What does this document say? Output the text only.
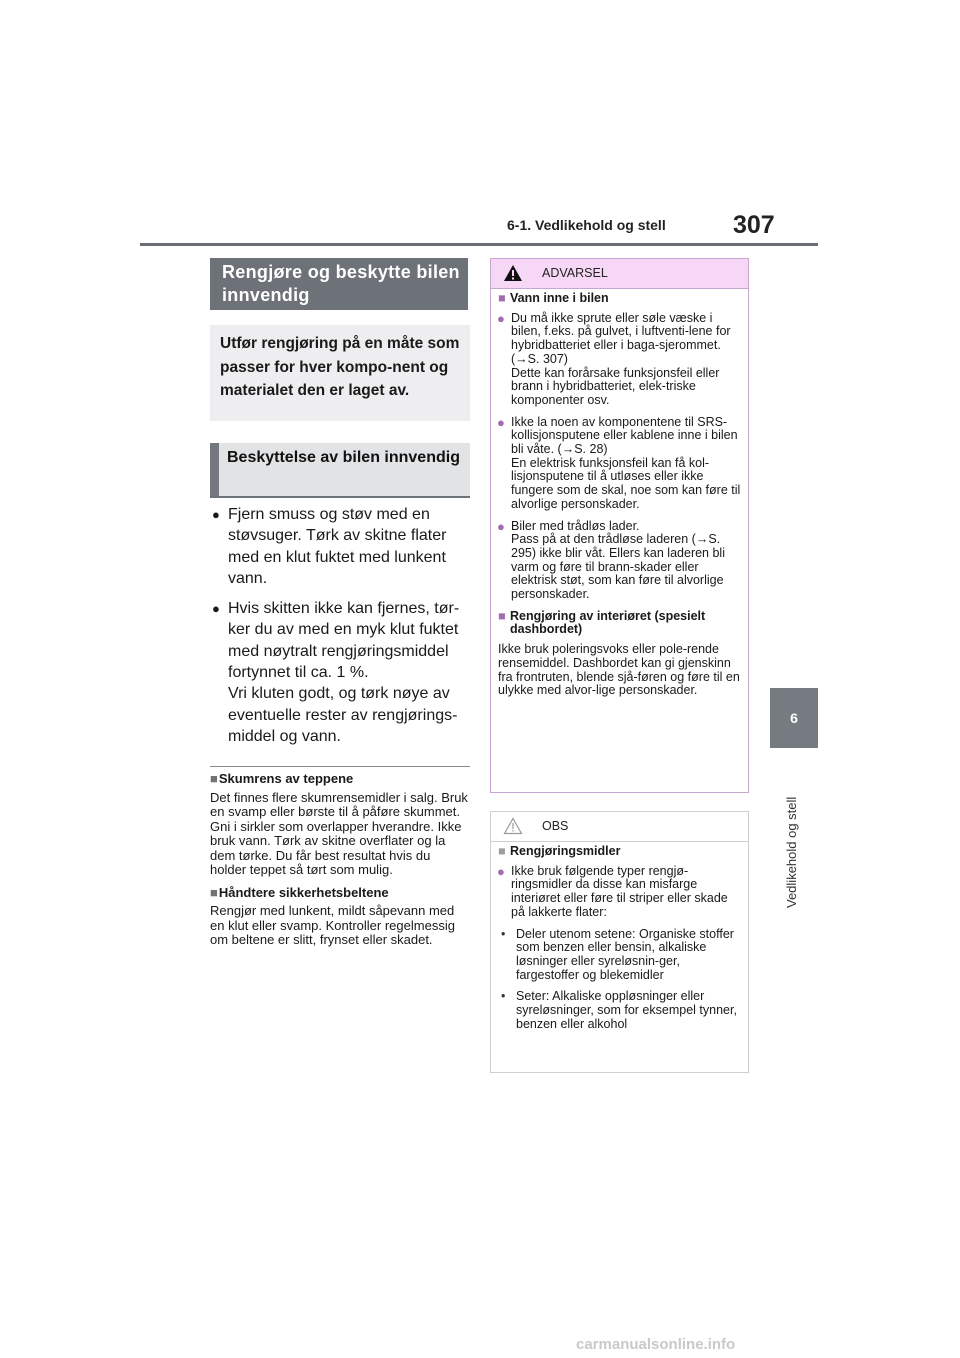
6-1. Vedlikehold og stell	307
6
Vedlikehold og stell
Rengjøre og beskytte bilen innvendig
Utfør rengjøring på en måte som passer for hver kompo-nent og materialet den er laget av.
Beskyttelse av bilen innvendig
● Fjern smuss og støv med en støvsuger. Tørk av skitne flater med en klut fuktet med lunkent vann.
● Hvis skitten ikke kan fjernes, tør-ker du av med en myk klut fuktet med nøytralt rengjøringsmiddel fortynnet til ca. 1 %.
Vri kluten godt, og tørk nøye av eventuelle rester av rengjørings-middel og vann.
■ Skumrens av teppene
Det finnes flere skumrensemidler i salg. Bruk en svamp eller børste til å påføre skummet. Gni i sirkler som overlapper hverandre. Ikke bruk vann. Tørk av skitne overflater og la dem tørke. Du får best resultat hvis du holder teppet så tørt som mulig.
■ Håndtere sikkerhetsbeltene
Rengjør med lunkent, mildt såpevann med en klut eller svamp. Kontroller regelmessig om beltene er slitt, frynset eller skadet.
ADVARSEL
■ Vann inne i bilen
● Du må ikke sprute eller søle væske i bilen, f.eks. på gulvet, i luftventi-lene for hybridbatteriet eller i baga-sjerommet. (→S. 307)
Dette kan forårsake funksjonsfeil eller brann i hybridbatteriet, elek-triske komponenter osv.
● Ikke la noen av komponentene til SRS-kollisjonsputene eller kablene inne i bilen bli våte. (→S. 28)
En elektrisk funksjonsfeil kan få kol-lisjonsputene til å utløses eller ikke fungere som de skal, noe som kan føre til alvorlige personskader.
● Biler med trådløs lader.
Pass på at den trådløse laderen (→S. 295) ikke blir våt. Ellers kan laderen bli varm og føre til brann-skader eller elektrisk støt, som kan føre til alvorlige personskader.
■ Rengjøring av interiøret (spesielt dashbordet)
Ikke bruk poleringsvoks eller pole-rende rensemiddel. Dashbordet kan gi gjenskinn fra frontruten, blende sjå-føren og føre til en ulykke med alvor-lige personskader.
OBS
■ Rengjøringsmidler
● Ikke bruk følgende typer rengjø-ringsmidler da disse kan misfarge interiøret eller føre til striper eller skade på lakkerte flater:
• Deler utenom setene: Organiske stoffer som benzen eller bensin, alkaliske løsninger eller syreløsnin-ger, fargestoffer og blekemidler
• Seter: Alkaliske oppløsninger eller syreløsninger, som for eksempel tynner, benzen eller alkohol
carmanualsonline.info
